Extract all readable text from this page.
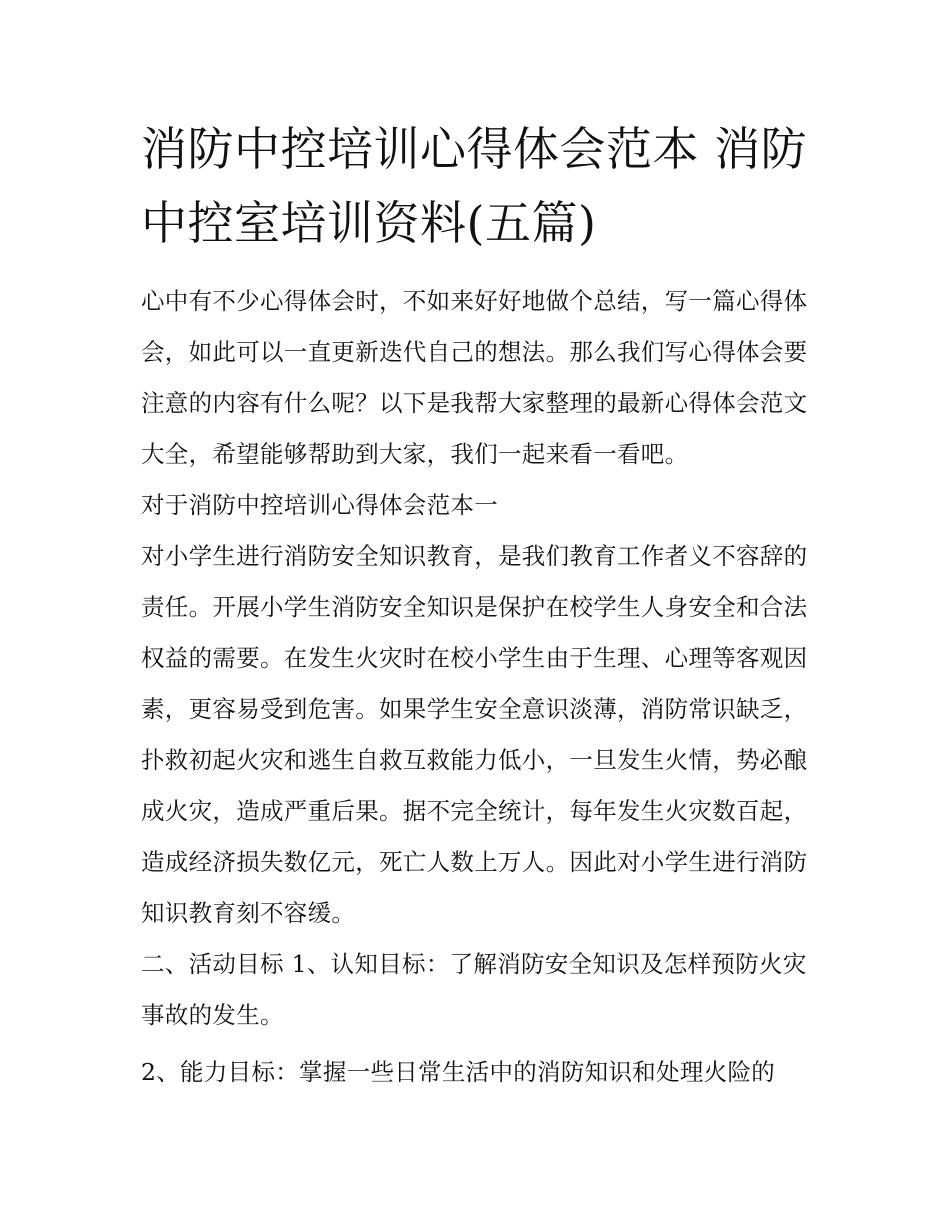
消防中控培训心得体会范本 消防中控室培训资料(五篇)

心中有不少心得体会时，不如来好好地做个总结，写一篇心得体会，如此可以一直更新迭代自己的想法。那么我们写心得体会要注意的内容有什么呢？以下是我帮大家整理的最新心得体会范文大全，希望能够帮助到大家，我们一起来看一看吧。

对于消防中控培训心得体会范本一

对小学生进行消防安全知识教育，是我们教育工作者义不容辞的责任。开展小学生消防安全知识是保护在校学生人身安全和合法权益的需要。在发生火灾时在校小学生由于生理、心理等客观因素，更容易受到危害。如果学生安全意识淡薄，消防常识缺乏，扑救初起火灾和逃生自救互救能力低小，一旦发生火情，势必酿成火灾，造成严重后果。据不完全统计，每年发生火灾数百起，造成经济损失数亿元，死亡人数上万人。因此对小学生进行消防知识教育刻不容缓。

二、活动目标 1、认知目标：了解消防安全知识及怎样预防火灾事故的发生。

2、能力目标：掌握一些日常生活中的消防知识和处理火险的
